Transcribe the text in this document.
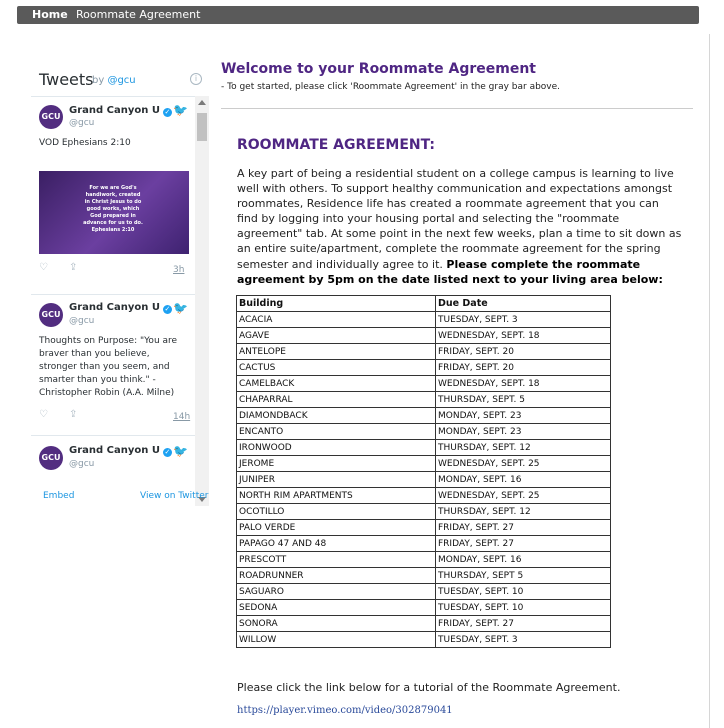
Home Roommate Agreement
Tweets
by @gcu	i
GCU
Grand Canyon U ✓
@gcu
🐦
VOD Ephesians 2:10
For we are God's handiwork, created in Christ Jesus to do good works, which God prepared in advance for us to do. Ephesians 2:10
♡ ⇪	3h
GCU
Grand Canyon U ✓
@gcu
🐦
Thoughts on Purpose: "You are braver than you believe, stronger than you seem, and smarter than you think." -Christopher Robin (A.A. Milne)
♡ ⇪	14h
GCU
Grand Canyon U ✓
@gcu
🐦
Embed	View on Twitter
Welcome to your Roommate Agreement
- To get started, please click 'Roommate Agreement' in the gray bar above.
ROOMMATE AGREEMENT:

A key part of being a residential student on a college campus is learning to live well with others. To support healthy communication and expectations amongst roommates, Residence life has created a roommate agreement that you can find by logging into your housing portal and selecting the "roommate agreement" tab. At some point in the next few weeks, plan a time to sit down as an entire suite/apartment, complete the roommate agreement for the spring semester and individually agree to it. Please complete the roommate agreement by 5pm on the date listed next to your living area below:

Building	Due Date
ACACIA	TUESDAY, SEPT. 3
AGAVE	WEDNESDAY, SEPT. 18
ANTELOPE	FRIDAY, SEPT. 20
CACTUS	FRIDAY, SEPT. 20
CAMELBACK	WEDNESDAY, SEPT. 18
CHAPARRAL	THURSDAY, SEPT. 5
DIAMONDBACK	MONDAY, SEPT. 23
ENCANTO	MONDAY, SEPT. 23
IRONWOOD	THURSDAY, SEPT. 12
JEROME	WEDNESDAY, SEPT. 25
JUNIPER	MONDAY, SEPT. 16
NORTH RIM APARTMENTS	WEDNESDAY, SEPT. 25
OCOTILLO	THURSDAY, SEPT. 12
PALO VERDE	FRIDAY, SEPT. 27
PAPAGO 47 AND 48	FRIDAY, SEPT. 27
PRESCOTT	MONDAY, SEPT. 16
ROADRUNNER	THURSDAY, SEPT 5
SAGUARO	TUESDAY, SEPT. 10
SEDONA	TUESDAY, SEPT. 10
SONORA	FRIDAY, SEPT. 27
WILLOW	TUESDAY, SEPT. 3
Please click the link below for a tutorial of the Roommate Agreement.
https://player.vimeo.com/video/302879041
